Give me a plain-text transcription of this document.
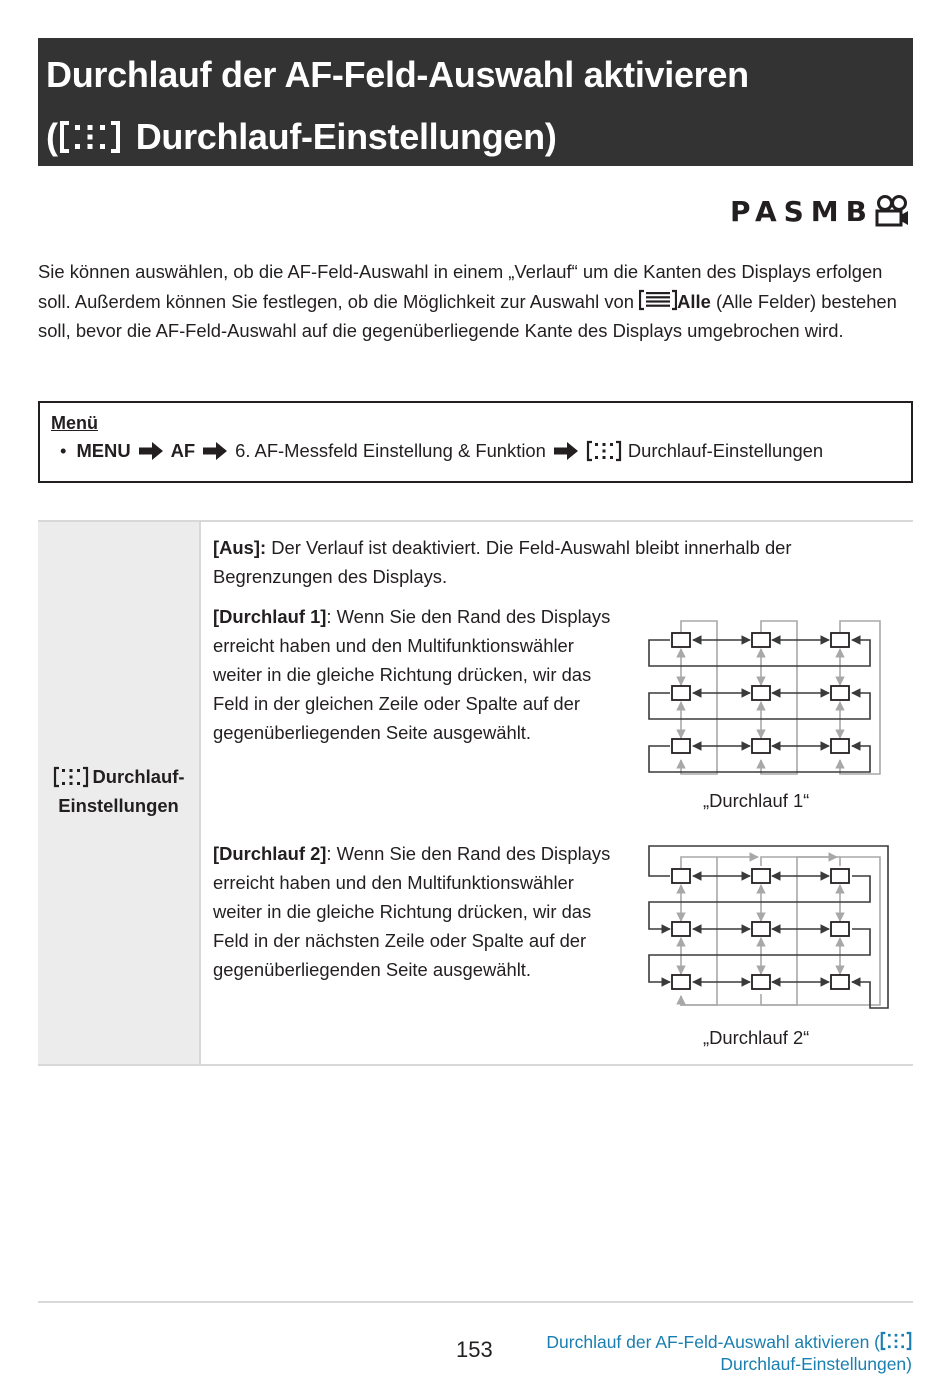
Durchlauf der AF-Feld-Auswahl aktivieren
( Durchlauf-Einstellungen)
PASMB

Sie können auswählen, ob die AF-Feld-Auswahl in einem „Verlauf“ um die Kanten des Displays erfolgen soll. Außerdem können Sie festlegen, ob die Möglichkeit zur Auswahl von Alle (Alle Felder) bestehen soll, bevor die AF-Feld-Auswahl auf die gegenüberliegende Kante des Displays umgebrochen wird.

Menü
• MENU AF 6. AF-Messfeld Einstellung & Funktion	Durchlauf-Einstellungen
Durchlauf-
Einstellungen
[Aus]: Der Verlauf ist deaktiviert. Die Feld-Auswahl bleibt innerhalb der Begrenzungen des Displays.
[Durchlauf 1]: Wenn Sie den Rand des Displays erreicht haben und den Multifunktionswähler weiter in die gleiche Richtung drücken, wir das Feld in der gleichen Zeile oder Spalte auf der gegenüberliegenden Seite ausgewählt.
[Durchlauf 2]: Wenn Sie den Rand des Displays erreicht haben und den Multifunktionswähler weiter in die gleiche Richtung drücken, wir das Feld in der nächsten Zeile oder Spalte auf der gegenüberliegenden Seite ausgewählt.
„Durchlauf 1“
„Durchlauf 2“
153	Durchlauf der AF-Feld-Auswahl aktivieren (
Durchlauf-Einstellungen)
